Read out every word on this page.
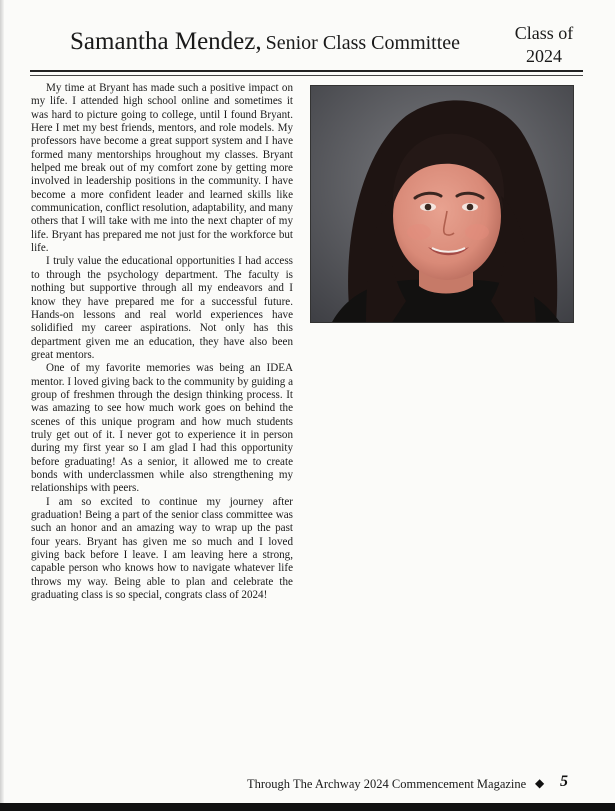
Samantha Mendez, Senior Class Committee	Class of
2024

My time at Bryant has made such a positive impact on my life. I attended high school online and sometimes it was hard to picture going to college, until I found Bryant. Here I met my best friends, mentors, and role models. My professors have become a great support system and I have formed many mentorships hroughout my classes. Bryant helped me break out of my comfort zone by getting more involved in leadership positions in the community. I have become a more confident leader and learned skills like communication, conflict resolution, adaptability, and many others that I will take with me into the next chapter of my life. Bryant has prepared me not just for the workforce but life.

I truly value the educational opportunities I had access to through the psychology department. The faculty is nothing but supportive through all my endeavors and I know they have prepared me for a successful future. Hands-on lessons and real world experiences have solidified my career aspirations. Not only has this department given me an education, they have also been great mentors.

One of my favorite memories was being an IDEA mentor. I loved giving back to the community by guiding a group of freshmen through the design thinking process. It was amazing to see how much work goes on behind the scenes of this unique program and how much students truly get out of it. I never got to experience it in person during my first year so I am glad I had this opportunity before graduating! As a senior, it allowed me to create bonds with underclassmen while also strengthening my relationships with peers.

I am so excited to continue my journey after graduation! Being a part of the senior class committee was such an honor and an amazing way to wrap up the past four years. Bryant has given me so much and I loved giving back before I leave. I am leaving here a strong, capable person who knows how to navigate whatever life throws my way. Being able to plan and celebrate the graduating class is so special, congrats class of 2024!

Through The Archway 2024 Commencement Magazine ◆ 5
